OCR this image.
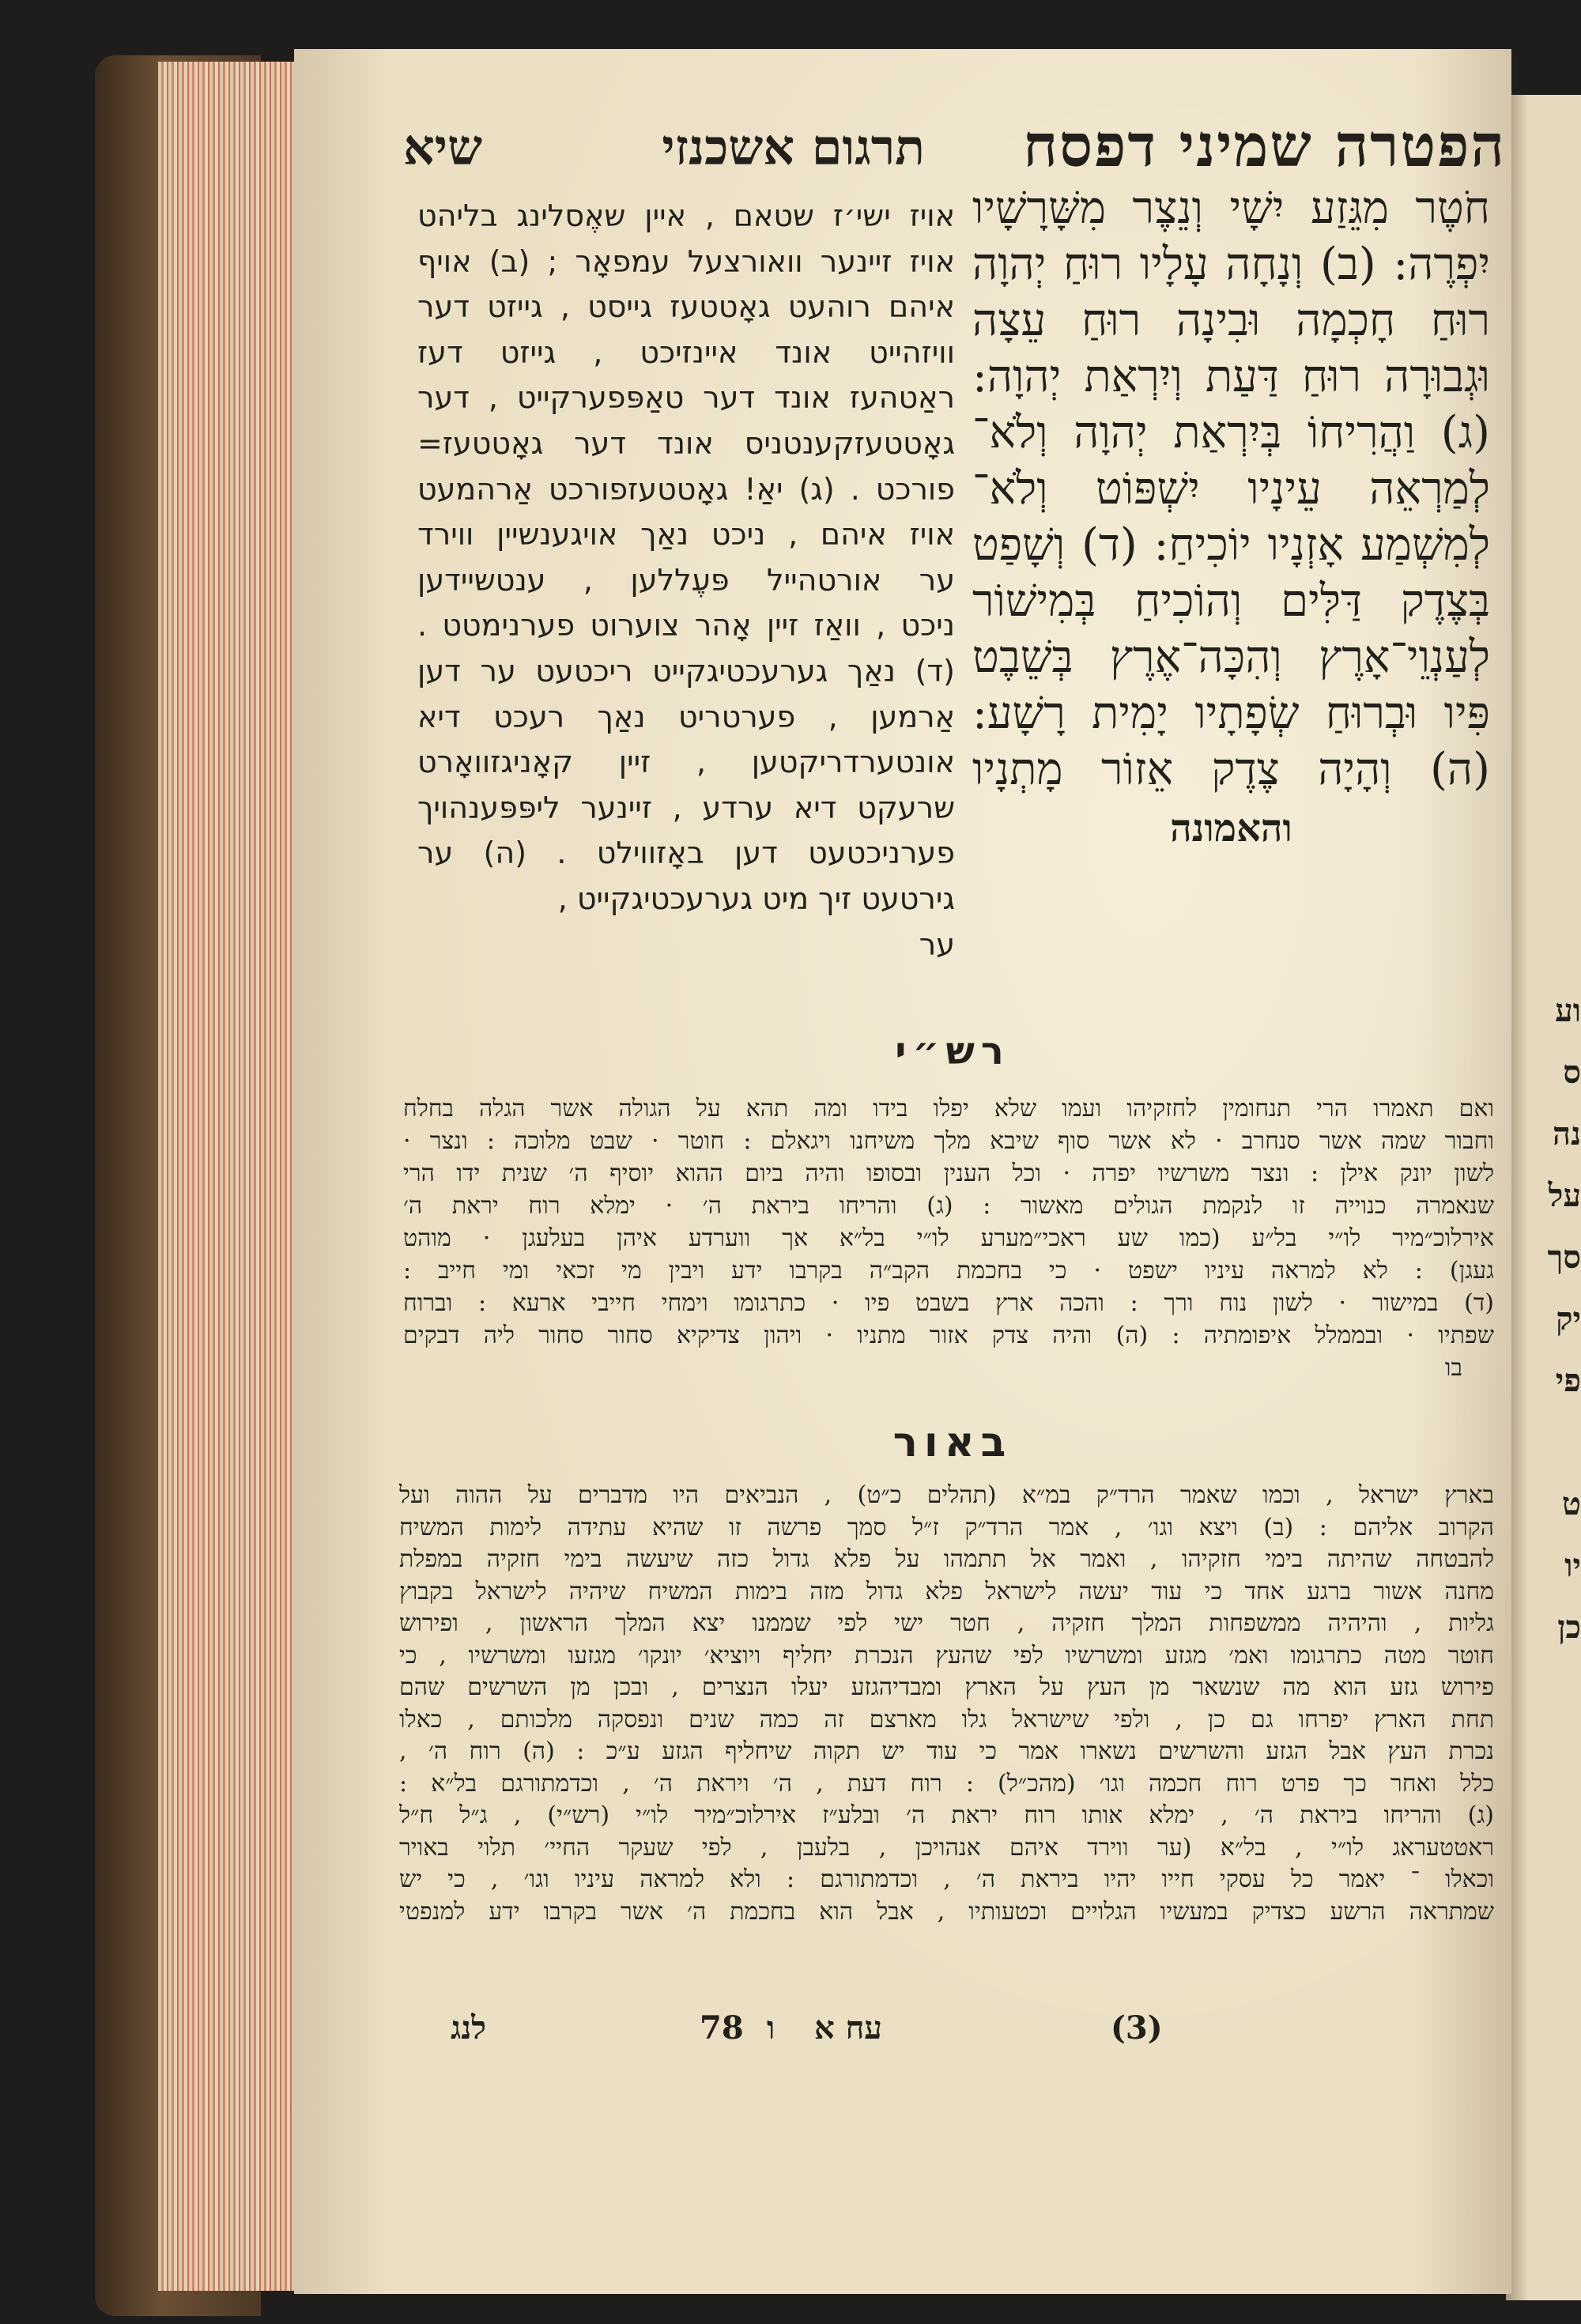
וע
ס
נה
על
סך
יק
פי

ט
יו
כן
הפטרה שמיני דפסח
תרגום אשכנזי
שיא
חֹטֶר מִגֵּזַע יִשָׁי וְנֵצֶר מִשָּׁרָשָׁיו
יִפְרֶה: (ב) וְנָחָה עָלָיו רוּחַ יְהוָה
רוּחַ חָכְמָה וּבִינָה רוּחַ עֵצָה
וּגְבוּרָה רוּחַ דַּעַת וְיִרְאַת יְהוָה:
(ג) וַהֲרִיחוֹ בְּיִרְאַת יְהוָה וְלֹא־
לְמַרְאֵה עֵינָיו יִשְׁפּוֹט וְלֹא־
לְמִשְׁמַע אָזְנָיו יוֹכִיחַ: (ד) וְשָׁפַט
בְּצֶדֶק דַּלִּים וְהוֹכִיחַ בְּמִישׁוֹר
לְעַנְוֵי־אָרֶץ וְהִכָּה־אֶרֶץ בְּשֵׁבֶט
פִּיו וּבְרוּחַ שְׂפָתָיו יָמִית רָשָׁע:
(ה) וְהָיָה צֶדֶק אֵזוֹר מָתְנָיו
והאמונה
אויז ישי׳ז שטאם , איין שאֶסלינג בליהט
אויז זיינער וואורצעל עמפאָר ; (ב) אויף
איהם רוהעט גאָטטעז גייסט , גייזט דער
וויזהייט אונד איינזיכט , גייזט דעז
ראַטהעז אונד דער טאַפּפערקייט , דער
גאָטטעזקענטניס אונד דער גאָטטעז=
פורכט . (ג) יאַ! גאָטטעזפורכט אַרהמעט
אויז איהם , ניכט נאַך אויגענשיין ווירד
ער אורטהייל פּעֶללען , ענטשיידען
ניכט , וואַז זיין אָהר צוערוט פערנימטט .
(ד) נאַך גערעכטיגקייט ריכטעט ער דען
אַרמען , פערטריט נאַך רעכט דיא
אונטערדריקטען , זיין קאָניגזוואָרט
שרעקט דיא ערדע , זיינער ליפּפּענהויך
פערניכטעט דען באָזווילט . (ה) ער
גירטעט זיך מיט גערעכטיגקייט ,
ער
רש״י
ואם תאמרו הרי תנחומין לחזקיהו ועמו שלא יפלו בידו ומה תהא על הגולה אשר הגלה בחלח
וחבור שמה אשר סנחרב · לא אשר סוף שיבא מלך משיחנו ויגאלם : חוטר · שבט מלוכה : ונצר ·
לשון יונק אילן : ונצר משרשיו יפרה · וכל הענין ובסופו והיה ביום ההוא יוסיף ה׳ שנית ידו הרי
שנאמרה כנוייה זו לנקמת הגולים מאשור : (ג) והריחו ביראת ה׳ · ימלא רוח יראת ה׳
אירלוכ״מיר לו״י בל״ע (כמו שע ראכי״מערע לו״י בל״א אך ווערדע איהן בעלעגן · מוהט
געגן) : לא למראה עיניו ישפט · כי בחכמת הקב״ה בקרבו ידע ויבין מי זכאי ומי חייב :
(ד) במישור · לשון נוח ורך : והכה ארץ בשבט פיו · כתרגומו וימחי חייבי ארעא : וברוח
שפתיו · ובממלל איפומתיה : (ה) והיה צדק אזור מתניו · ויהון צדיקיא סחור סחור ליה דבקים
בו
באור
בארץ ישראל , וכמו שאמר הרד״ק במ״א (תהלים כ״ט) , הנביאים היו מדברים על ההוה ועל
הקרוב אליהם : (ב) ויצא וגו׳ , אמר הרד״ק ז״ל סמך פרשה זו שהיא עתידה לימות המשיח
להבטחה שהיתה בימי חזקיהו , ואמר אל תתמהו על פלא גדול כזה שיעשה בימי חזקיה במפלת
מחנה אשור ברגע אחד כי עוד יעשה לישראל פלא גדול מזה בימות המשיח שיהיה לישראל בקבוץ
גליות , והיהיה ממשפחות המלך חזקיה , חטר ישי לפי שממנו יצא המלך הראשון , ופירוש
חוטר מטה כתרגומו ואמ׳ מגזע ומשרשיו לפי שהעץ הנכרת יחליף ויוציא׳ יונקו׳ מגזעו ומשרשיו , כי
פירוש גזע הוא מה שנשאר מן העץ על הארץ ומבדיהגזע יעלו הנצרים , ובכן מן השרשים שהם
תחת הארץ יפרחו גם כן , ולפי שישראל גלו מארצם זה כמה שנים ונפסקה מלכותם , כאלו
נכרת העץ אבל הגזע והשרשים נשארו אמר כי עוד יש תקוה שיחליף הגזע ע״כ : (ה) רוח ה׳ ,
כלל ואחר כך פרט רוח חכמה וגו׳ (מהכ״ל) : רוח דעת , ה׳ ויראת ה׳ , וכדמתורגם בל״א :
(ג) והריחו ביראת ה׳ , ימלא אותו רוח יראת ה׳ ובלע״ז אירלוכ״מיר לו״י (רש״י) , ג״ל ח״ל
ראטטעראג לו״י , בל״א (ער ווירד איהם אנהויכן , בלעבן , לפי שעקר החיי׳ תלוי באויר
וכאלו ־ יאמר כל עסקי חייו יהיו ביראת ה׳ , וכדמתורגם : ולא למראה עיניו וגו׳ , כי יש
שמתראה הרשע כצדיק במעשיו הגלויים וכטעותיו , אבל הוא בחכמת ה׳ אשר בקרבו ידע למנפטי
לנג	78 ו עח א	(3)
